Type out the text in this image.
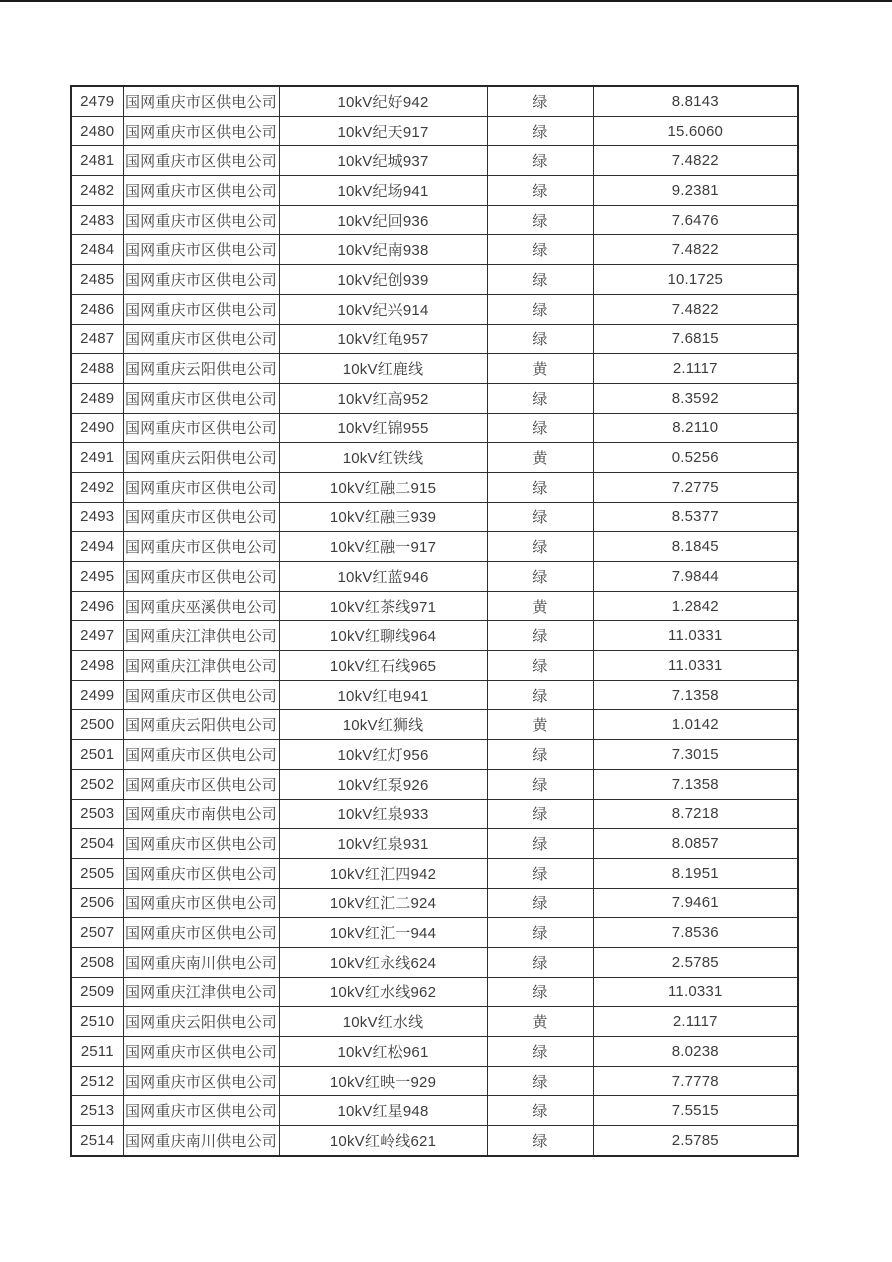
2479	国网重庆市区供电公司	10kV纪好942	绿	8.8143
2480	国网重庆市区供电公司	10kV纪天917	绿	15.6060
2481	国网重庆市区供电公司	10kV纪城937	绿	7.4822
2482	国网重庆市区供电公司	10kV纪场941	绿	9.2381
2483	国网重庆市区供电公司	10kV纪回936	绿	7.6476
2484	国网重庆市区供电公司	10kV纪南938	绿	7.4822
2485	国网重庆市区供电公司	10kV纪创939	绿	10.1725
2486	国网重庆市区供电公司	10kV纪兴914	绿	7.4822
2487	国网重庆市区供电公司	10kV红龟957	绿	7.6815
2488	国网重庆云阳供电公司	10kV红鹿线	黄	2.1117
2489	国网重庆市区供电公司	10kV红高952	绿	8.3592
2490	国网重庆市区供电公司	10kV红锦955	绿	8.2110
2491	国网重庆云阳供电公司	10kV红铁线	黄	0.5256
2492	国网重庆市区供电公司	10kV红融二915	绿	7.2775
2493	国网重庆市区供电公司	10kV红融三939	绿	8.5377
2494	国网重庆市区供电公司	10kV红融一917	绿	8.1845
2495	国网重庆市区供电公司	10kV红蓝946	绿	7.9844
2496	国网重庆巫溪供电公司	10kV红茶线971	黄	1.2842
2497	国网重庆江津供电公司	10kV红聊线964	绿	11.0331
2498	国网重庆江津供电公司	10kV红石线965	绿	11.0331
2499	国网重庆市区供电公司	10kV红电941	绿	7.1358
2500	国网重庆云阳供电公司	10kV红狮线	黄	1.0142
2501	国网重庆市区供电公司	10kV红灯956	绿	7.3015
2502	国网重庆市区供电公司	10kV红泵926	绿	7.1358
2503	国网重庆市南供电公司	10kV红泉933	绿	8.7218
2504	国网重庆市区供电公司	10kV红泉931	绿	8.0857
2505	国网重庆市区供电公司	10kV红汇四942	绿	8.1951
2506	国网重庆市区供电公司	10kV红汇二924	绿	7.9461
2507	国网重庆市区供电公司	10kV红汇一944	绿	7.8536
2508	国网重庆南川供电公司	10kV红永线624	绿	2.5785
2509	国网重庆江津供电公司	10kV红水线962	绿	11.0331
2510	国网重庆云阳供电公司	10kV红水线	黄	2.1117
2511	国网重庆市区供电公司	10kV红松961	绿	8.0238
2512	国网重庆市区供电公司	10kV红映一929	绿	7.7778
2513	国网重庆市区供电公司	10kV红星948	绿	7.5515
2514	国网重庆南川供电公司	10kV红岭线621	绿	2.5785
